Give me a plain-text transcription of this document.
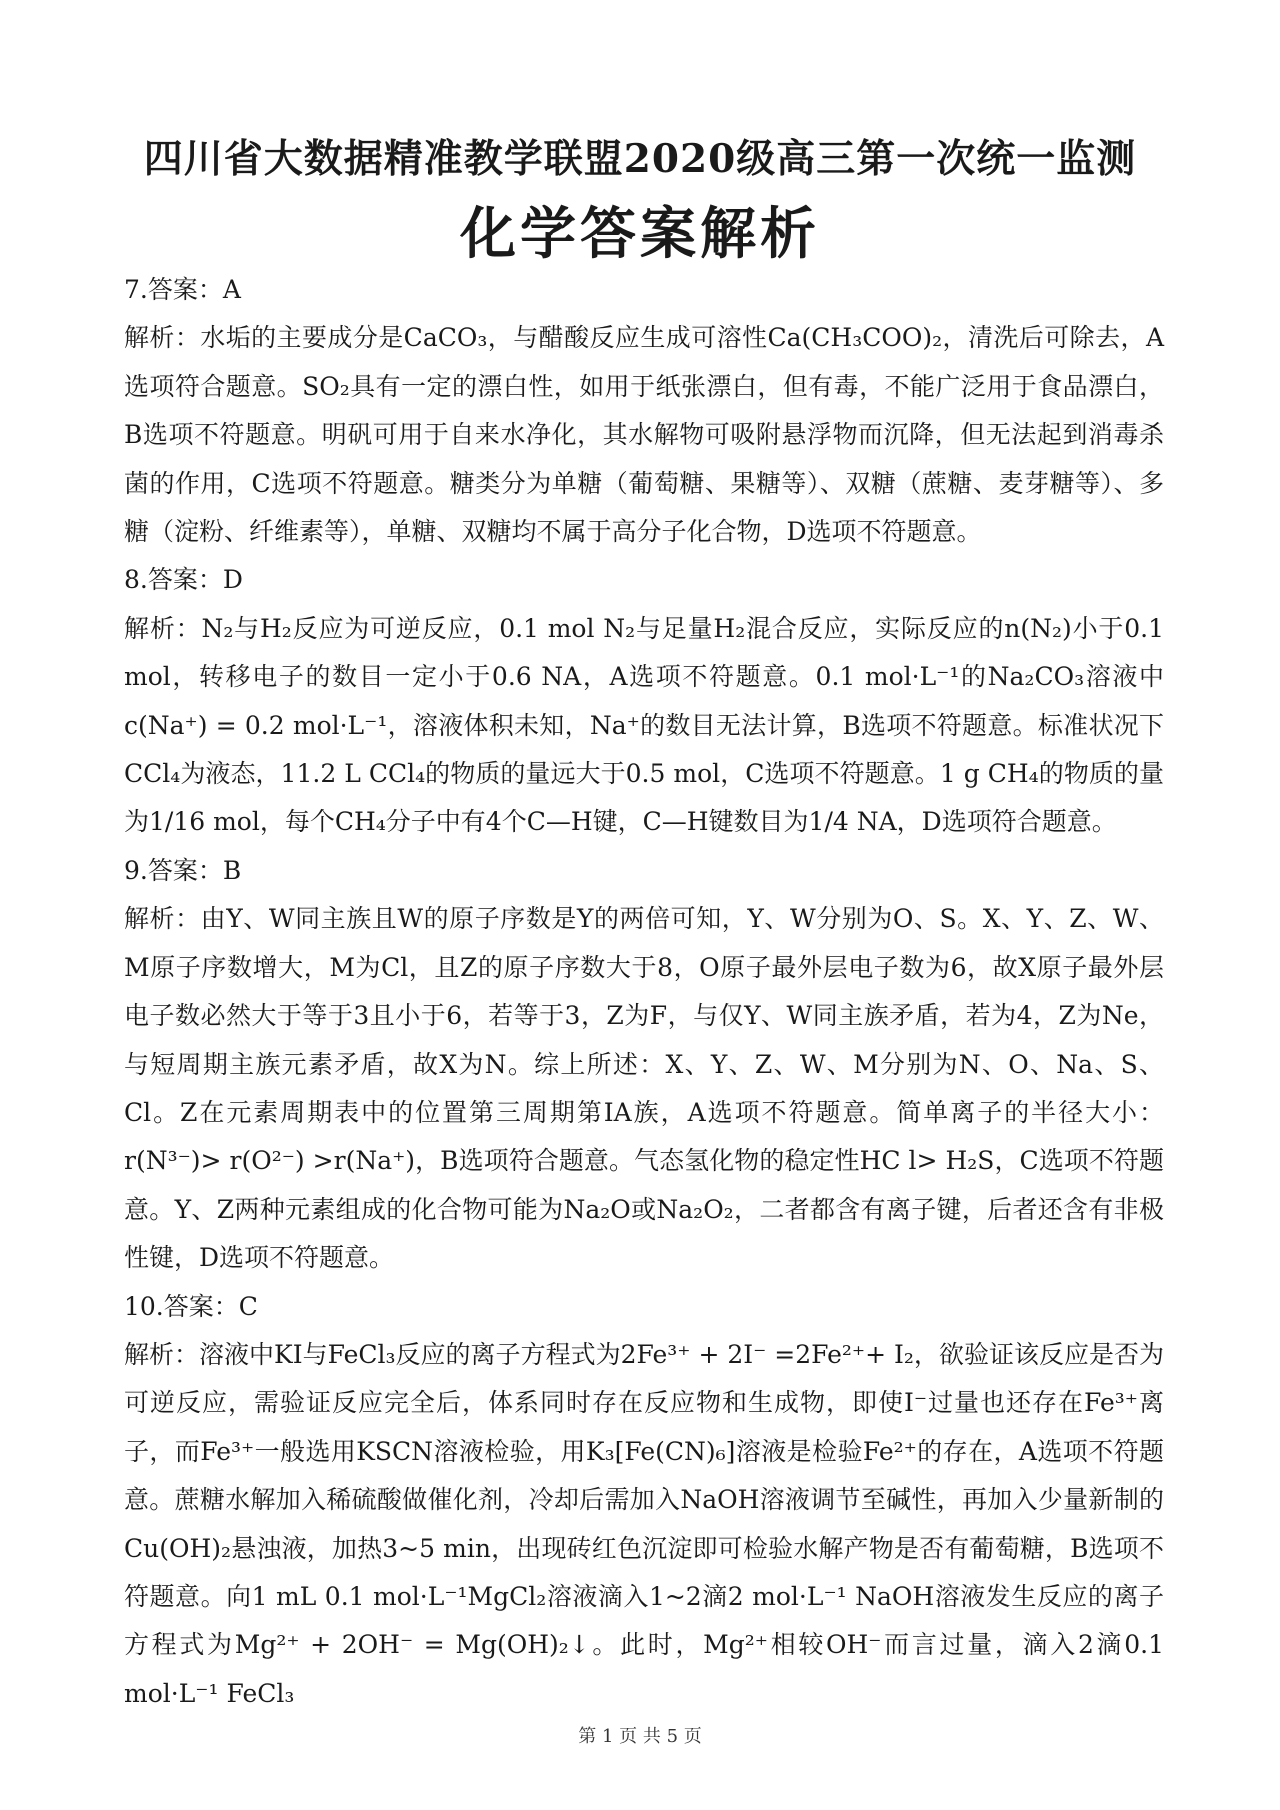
四川省大数据精准教学联盟2020级高三第一次统一监测
化学答案解析

7.答案：A

解析：水垢的主要成分是CaCO₃，与醋酸反应生成可溶性Ca(CH₃COO)₂，清洗后可除去，A选项符合题意。SO₂具有一定的漂白性，如用于纸张漂白，但有毒，不能广泛用于食品漂白，B选项不符题意。明矾可用于自来水净化，其水解物可吸附悬浮物而沉降，但无法起到消毒杀菌的作用，C选项不符题意。糖类分为单糖（葡萄糖、果糖等）、双糖（蔗糖、麦芽糖等）、多糖（淀粉、纤维素等），单糖、双糖均不属于高分子化合物，D选项不符题意。

8.答案：D

解析：N₂与H₂反应为可逆反应，0.1 mol N₂与足量H₂混合反应，实际反应的n(N₂)小于0.1 mol，转移电子的数目一定小于0.6 NA，A选项不符题意。0.1 mol·L⁻¹的Na₂CO₃溶液中c(Na⁺) = 0.2 mol·L⁻¹，溶液体积未知，Na⁺的数目无法计算，B选项不符题意。标准状况下CCl₄为液态，11.2 L CCl₄的物质的量远大于0.5 mol，C选项不符题意。1 g CH₄的物质的量为1/16 mol，每个CH₄分子中有4个C—H键，C—H键数目为1/4 NA，D选项符合题意。

9.答案：B

解析：由Y、W同主族且W的原子序数是Y的两倍可知，Y、W分别为O、S。X、Y、Z、W、M原子序数增大，M为Cl，且Z的原子序数大于8，O原子最外层电子数为6，故X原子最外层电子数必然大于等于3且小于6，若等于3，Z为F，与仅Y、W同主族矛盾，若为4，Z为Ne，与短周期主族元素矛盾，故X为N。综上所述：X、Y、Z、W、M分别为N、O、Na、S、Cl。Z在元素周期表中的位置第三周期第IA族，A选项不符题意。简单离子的半径大小：r(N³⁻)> r(O²⁻) >r(Na⁺)，B选项符合题意。气态氢化物的稳定性HC l> H₂S，C选项不符题意。Y、Z两种元素组成的化合物可能为Na₂O或Na₂O₂，二者都含有离子键，后者还含有非极性键，D选项不符题意。

10.答案：C

解析：溶液中KI与FeCl₃反应的离子方程式为2Fe³⁺ + 2I⁻ =2Fe²⁺+ I₂，欲验证该反应是否为可逆反应，需验证反应完全后，体系同时存在反应物和生成物，即使I⁻过量也还存在Fe³⁺离子，而Fe³⁺一般选用KSCN溶液检验，用K₃[Fe(CN)₆]溶液是检验Fe²⁺的存在，A选项不符题意。蔗糖水解加入稀硫酸做催化剂，冷却后需加入NaOH溶液调节至碱性，再加入少量新制的Cu(OH)₂悬浊液，加热3~5 min，出现砖红色沉淀即可检验水解产物是否有葡萄糖，B选项不符题意。向1 mL 0.1 mol·L⁻¹MgCl₂溶液滴入1~2滴2 mol·L⁻¹ NaOH溶液发生反应的离子方程式为Mg²⁺ + 2OH⁻ = Mg(OH)₂↓。此时，Mg²⁺相较OH⁻而言过量，滴入2滴0.1 mol·L⁻¹ FeCl₃

第 1 页 共 5 页
